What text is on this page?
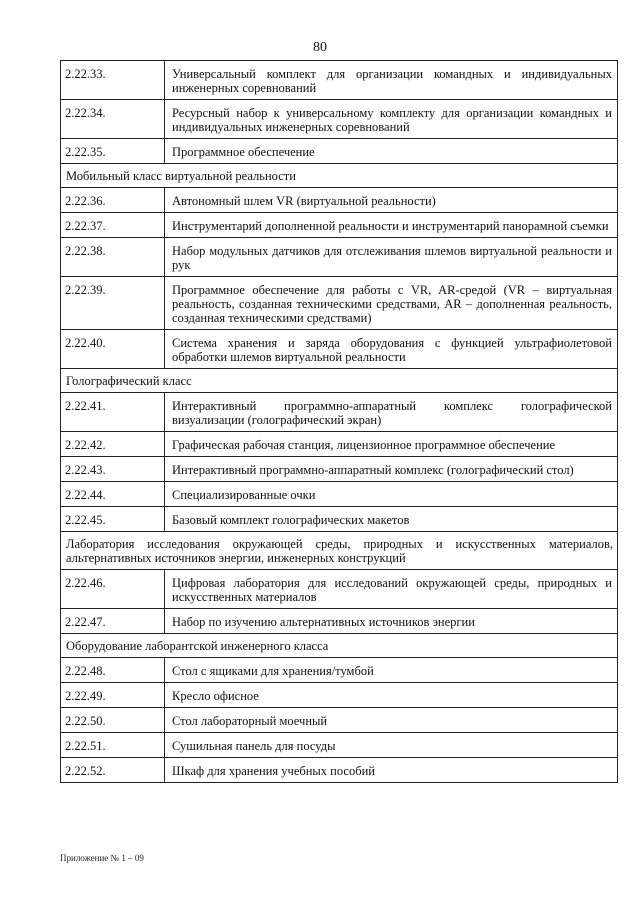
80
2.22.33.	Универсальный комплект для организации командных и индивидуальных инженерных соревнований
2.22.34.	Ресурсный набор к универсальному комплекту для организации командных и индивидуальных инженерных соревнований
2.22.35.	Программное обеспечение
Мобильный класс виртуальной реальности	
2.22.36.	Автономный шлем VR (виртуальной реальности)
2.22.37.	Инструментарий дополненной реальности и инструментарий панорамной съемки
2.22.38.	Набор модульных датчиков для отслеживания шлемов виртуальной реальности и рук
2.22.39.	Программное обеспечение для работы с VR, AR-средой (VR – виртуальная реальность, созданная техническими средствами, AR – дополненная реальность, созданная техническими средствами)
2.22.40.	Система хранения и заряда оборудования с функцией ультрафиолетовой обработки шлемов виртуальной реальности
Голографический класс	
2.22.41.	Интерактивный программно-аппаратный комплекс голографической визуализации (голографический экран)
2.22.42.	Графическая рабочая станция, лицензионное программное обеспечение
2.22.43.	Интерактивный программно-аппаратный комплекс (голографический стол)
2.22.44.	Специализированные очки
2.22.45.	Базовый комплект голографических макетов
Лаборатория исследования окружающей среды, природных и искусственных материалов, альтернативных источников энергии, инженерных конструкций	
2.22.46.	Цифровая лаборатория для исследований окружающей среды, природных и искусственных материалов
2.22.47.	Набор по изучению альтернативных источников энергии
Оборудование лаборантской инженерного класса	
2.22.48.	Стол с ящиками для хранения/тумбой
2.22.49.	Кресло офисное
2.22.50.	Стол лабораторный моечный
2.22.51.	Сушильная панель для посуды
2.22.52.	Шкаф для хранения учебных пособий
Приложение № 1 – 09
